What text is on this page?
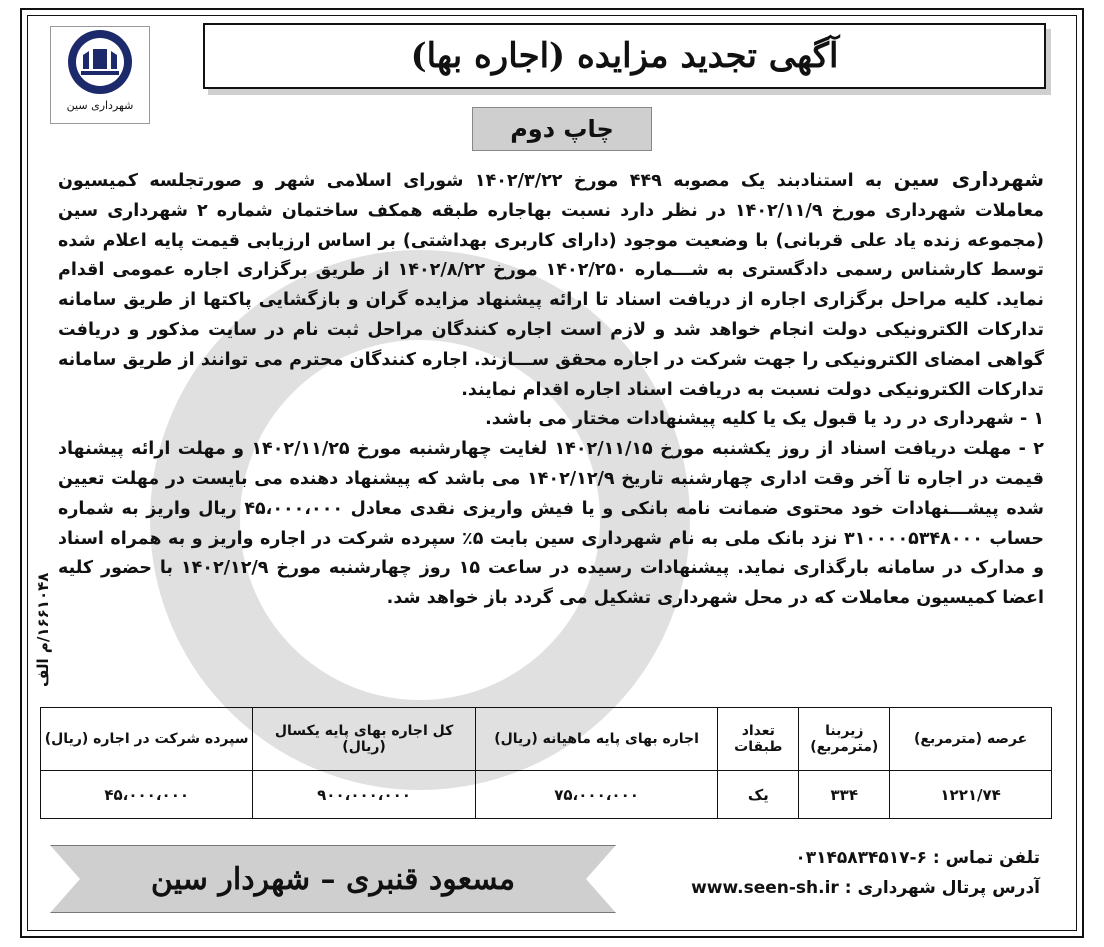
آگهی تجدید مزایده (اجاره بها)
چاپ دوم
شهرداری سین

شهرداری سین به استنادبند یک مصوبه ۴۴۹ مورخ ۱۴۰۲/۳/۲۲ شورای اسلامی شهر و صورتجلسه کمیسیون معاملات شهرداری مورخ ۱۴۰۲/۱۱/۹ در نظر دارد نسبت بهاجاره طبقه همکف ساختمان شماره ۲ شهرداری سین (مجموعه زنده یاد علی قربانی) با وضعیت موجود (دارای کاربری بهداشتی) بر اساس ارزیابی قیمت پایه اعلام شده توسط کارشناس رسمی دادگستری به شـــماره ۱۴۰۲/۲۵۰ مورخ ۱۴۰۲/۸/۲۲ از طریق برگزاری اجاره عمومی اقدام نماید. کلیه مراحل برگزاری اجاره از دریافت اسناد تا ارائه پیشنهاد مزایده گران و بازگشایی پاکتها از طریق سامانه تدارکات الکترونیکی دولت انجام خواهد شد و لازم است اجاره کنندگان مراحل ثبت نام در سایت مذکور و دریافت گواهی امضای الکترونیکی را جهت شرکت در اجاره محقق ســـازند. اجاره کنندگان محترم می توانند از طریق سامانه تدارکات الکترونیکی دولت نسبت به دریافت اسناد اجاره اقدام نمایند.

۱ - شهرداری در رد یا قبول یک یا کلیه پیشنهادات مختار می باشد.

۲ - مهلت دریافت اسناد از روز یکشنبه مورخ ۱۴۰۲/۱۱/۱۵ لغایت چهارشنبه مورخ ۱۴۰۲/۱۱/۲۵ و مهلت ارائه پیشنهاد قیمت در اجاره تا آخر وقت اداری چهارشنبه تاریخ ۱۴۰۲/۱۲/۹ می باشد که پیشنهاد دهنده می بایست در مهلت تعیین شده پیشـــنهادات خود محتوی ضمانت نامه بانکی و یا فیش واریزی نقدی معادل ۴۵،۰۰۰،۰۰۰ ریال واریز به شماره حساب ۳۱۰۰۰۰۵۳۴۸۰۰۰ نزد بانک ملی به نام شهرداری سین بابت ۵٪ سپرده شرکت در اجاره واریز و به همراه اسناد و مدارک در سامانه بارگذاری نماید. پیشنهادات رسیده در ساعت ۱۵ روز چهارشنبه مورخ ۱۴۰۲/۱۲/۹ با حضور کلیه اعضا کمیسیون معاملات که در محل شهرداری تشکیل می گردد باز خواهد شد.

۱۶۶۱۰۴۸/م الف
عرصه (مترمربع)	زیربنا (مترمربع)	تعداد طبقات	اجاره بهای پایه ماهیانه (ریال)	کل اجاره بهای پایه یکسال (ریال)	سپرده شرکت در اجاره (ریال)
۱۲۲۱/۷۴	۳۳۴	یک	۷۵،۰۰۰،۰۰۰	۹۰۰،۰۰۰،۰۰۰	۴۵،۰۰۰،۰۰۰
تلفن تماس : ۶-۰۳۱۴۵۸۳۴۵۱۷
آدرس پرتال شهرداری : www.seen-sh.ir
مسعود قنبری – شهردار سین
